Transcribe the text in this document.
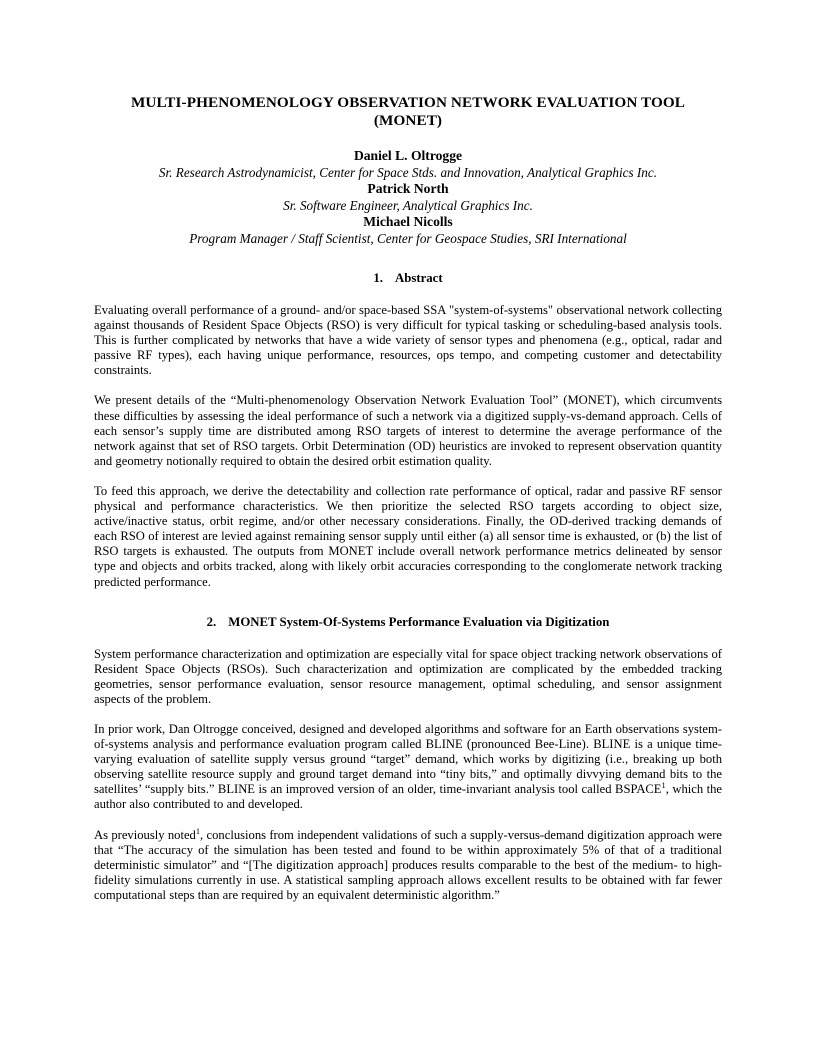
MULTI-PHENOMENOLOGY OBSERVATION NETWORK EVALUATION TOOL
(MONET)

Daniel L. Oltrogge

Sr. Research Astrodynamicist, Center for Space Stds. and Innovation, Analytical Graphics Inc.

Patrick North

Sr. Software Engineer, Analytical Graphics Inc.

Michael Nicolls

Program Manager / Staff Scientist, Center for Geospace Studies, SRI International

1. Abstract

Evaluating overall performance of a ground- and/or space-based SSA "system-of-systems" observational network collecting against thousands of Resident Space Objects (RSO) is very difficult for typical tasking or scheduling-based analysis tools. This is further complicated by networks that have a wide variety of sensor types and phenomena (e.g., optical, radar and passive RF types), each having unique performance, resources, ops tempo, and competing customer and detectability constraints.

We present details of the “Multi-phenomenology Observation Network Evaluation Tool” (MONET), which circumvents these difficulties by assessing the ideal performance of such a network via a digitized supply-vs-demand approach. Cells of each sensor’s supply time are distributed among RSO targets of interest to determine the average performance of the network against that set of RSO targets. Orbit Determination (OD) heuristics are invoked to represent observation quantity and geometry notionally required to obtain the desired orbit estimation quality.

To feed this approach, we derive the detectability and collection rate performance of optical, radar and passive RF sensor physical and performance characteristics. We then prioritize the selected RSO targets according to object size, active/inactive status, orbit regime, and/or other necessary considerations. Finally, the OD-derived tracking demands of each RSO of interest are levied against remaining sensor supply until either (a) all sensor time is exhausted, or (b) the list of RSO targets is exhausted. The outputs from MONET include overall network performance metrics delineated by sensor type and objects and orbits tracked, along with likely orbit accuracies corresponding to the conglomerate network tracking predicted performance.

2. MONET System-Of-Systems Performance Evaluation via Digitization

System performance characterization and optimization are especially vital for space object tracking network observations of Resident Space Objects (RSOs). Such characterization and optimization are complicated by the embedded tracking geometries, sensor performance evaluation, sensor resource management, optimal scheduling, and sensor assignment aspects of the problem.

In prior work, Dan Oltrogge conceived, designed and developed algorithms and software for an Earth observations system-of-systems analysis and performance evaluation program called BLINE (pronounced Bee-Line). BLINE is a unique time-varying evaluation of satellite supply versus ground “target” demand, which works by digitizing (i.e., breaking up both observing satellite resource supply and ground target demand into “tiny bits,” and optimally divvying demand bits to the satellites’ “supply bits.” BLINE is an improved version of an older, time-invariant analysis tool called BSPACE$^1$, which the author also contributed to and developed.

As previously noted$^1$, conclusions from independent validations of such a supply-versus-demand digitization approach were that “The accuracy of the simulation has been tested and found to be within approximately 5% of that of a traditional deterministic simulator” and “[The digitization approach] produces results comparable to the best of the medium- to high-fidelity simulations currently in use. A statistical sampling approach allows excellent results to be obtained with far fewer computational steps than are required by an equivalent deterministic algorithm.”
